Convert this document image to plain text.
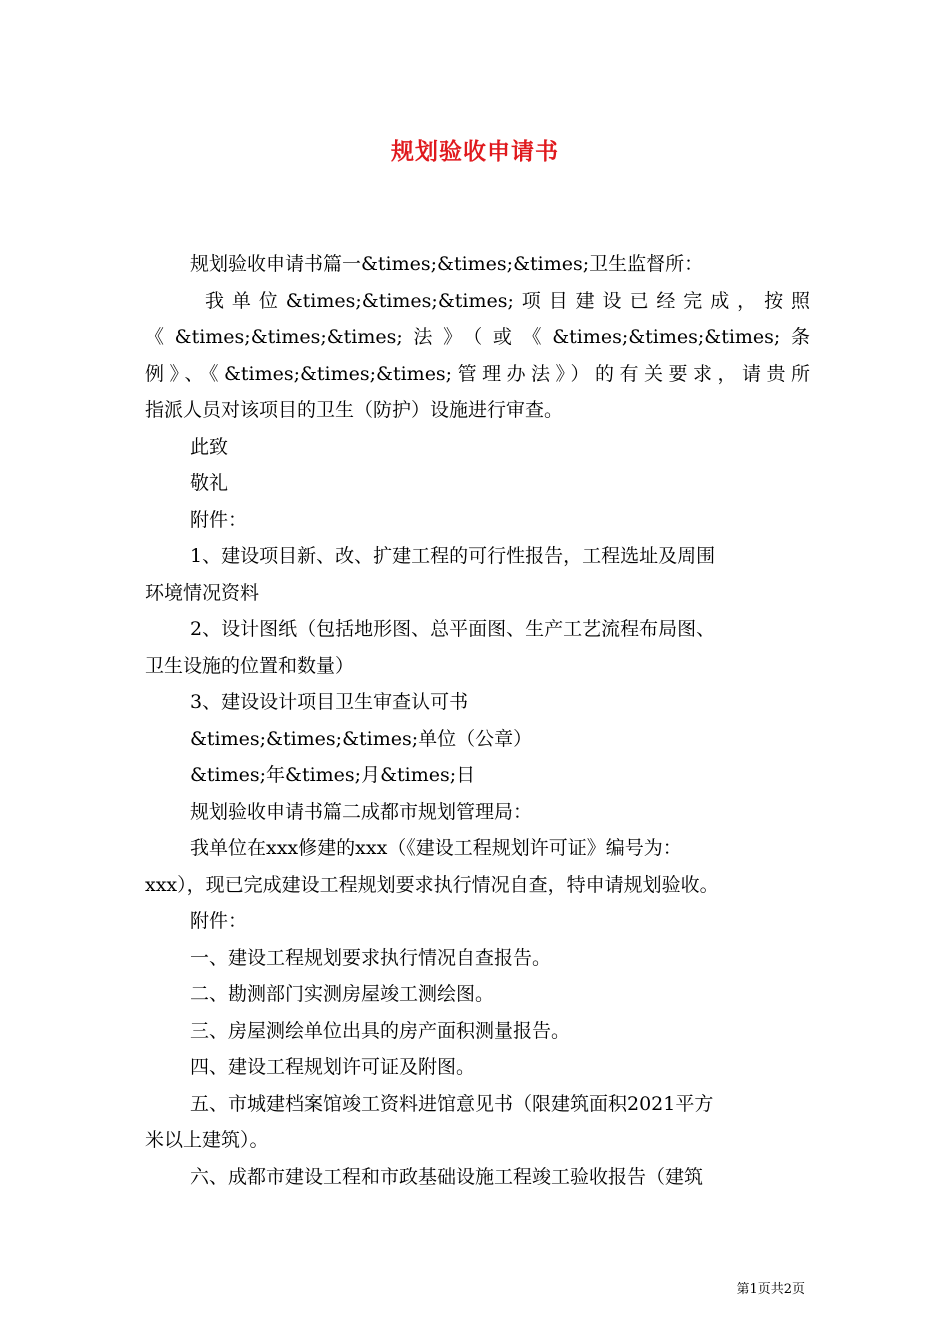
规划验收申请书

规划验收申请书篇一&times;&times;&times;卫生监督所：

我单位&times;&times;&times;项目建设已经完成，按照

《&times;&times;&times;法》（或《&times;&times;&times;条

例》、《&times;&times;&times;管理办法》）的有关要求，请贵所

指派人员对该项目的卫生（防护）设施进行审查。

此致

敬礼

附件：

1、建设项目新、改、扩建工程的可行性报告，工程选址及周围

环境情况资料

2、设计图纸（包括地形图、总平面图、生产工艺流程布局图、

卫生设施的位置和数量）

3、建设设计项目卫生审查认可书

&times;&times;&times;单位（公章）

&times;年&times;月&times;日

规划验收申请书篇二成都市规划管理局：

我单位在xxx修建的xxx（《建设工程规划许可证》编号为：

xxx），现已完成建设工程规划要求执行情况自查，特申请规划验收。

附件：

一、建设工程规划要求执行情况自查报告。

二、勘测部门实测房屋竣工测绘图。

三、房屋测绘单位出具的房产面积测量报告。

四、建设工程规划许可证及附图。

五、市城建档案馆竣工资料进馆意见书（限建筑面积2021平方

米以上建筑）。

六、成都市建设工程和市政基础设施工程竣工验收报告（建筑

第1页共2页
